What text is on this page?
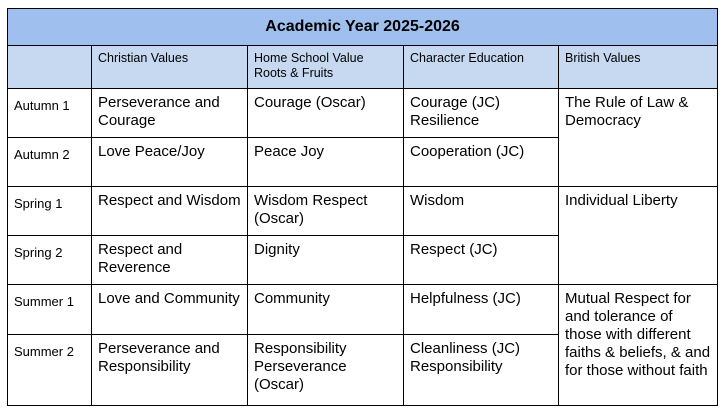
Academic Year 2025-2026				
	Christian Values	Home School Value Roots & Fruits	Character Education	British Values
Autumn 1	Perseverance and Courage	Courage (Oscar)	Courage (JC) Resilience	The Rule of Law & Democracy
Autumn 2	Love Peace/Joy	Peace Joy	Cooperation (JC)	
Spring 1	Respect and Wisdom	Wisdom Respect (Oscar)	Wisdom	Individual Liberty
Spring 2	Respect and Reverence	Dignity	Respect (JC)	
Summer 1	Love and Community	Community	Helpfulness (JC)	Mutual Respect for and tolerance of those with different faiths & beliefs, & and for those without faith
Summer 2	Perseverance and Responsibility	Responsibility Perseverance (Oscar)	Cleanliness (JC) Responsibility	
